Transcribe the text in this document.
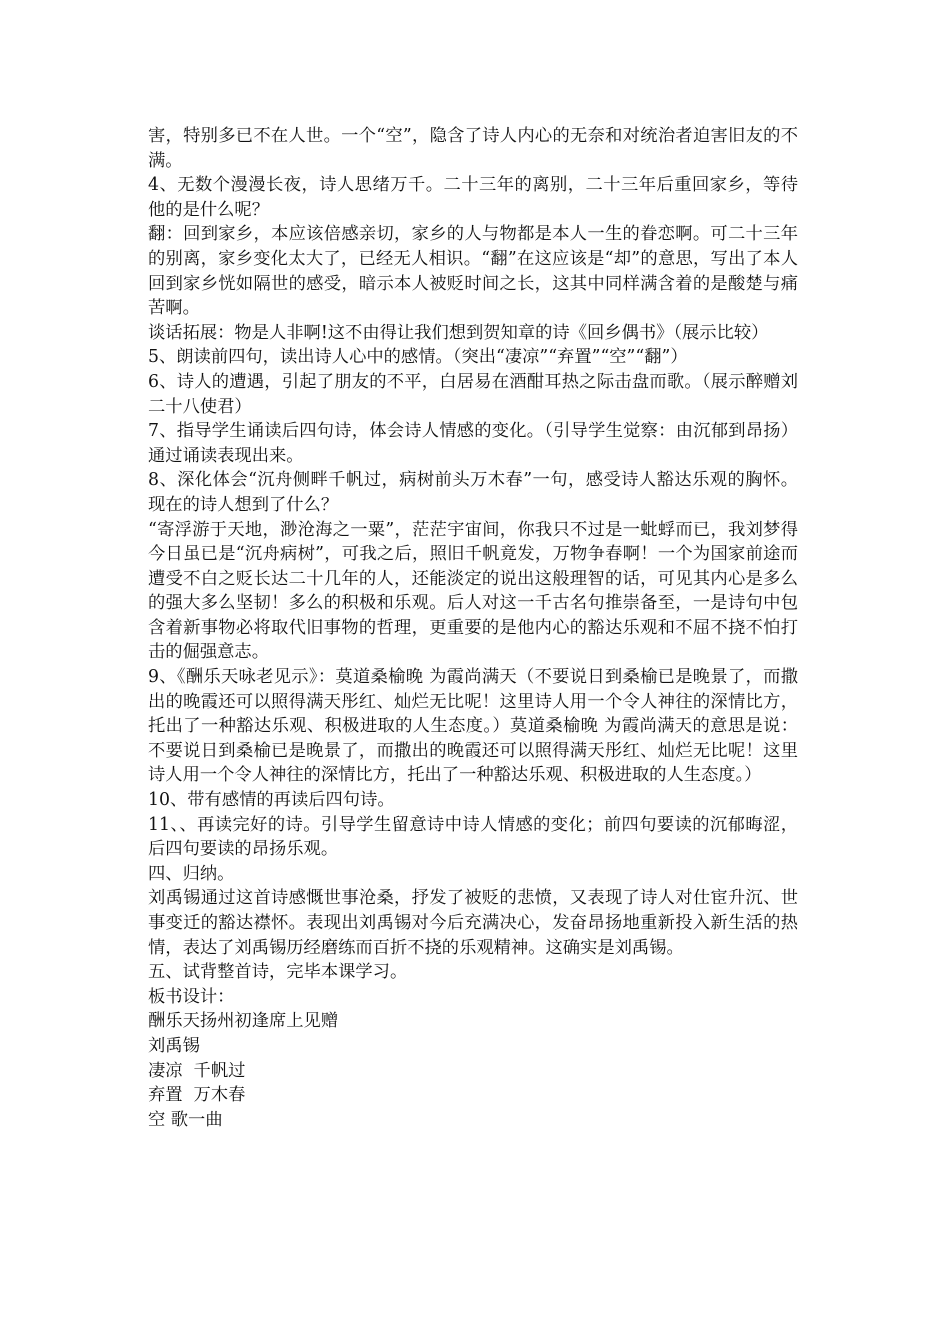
害，特别多已不在人世。一个“空”，隐含了诗人内心的无奈和对统治者迫害旧友的不满。

4、无数个漫漫长夜，诗人思绪万千。二十三年的离别，二十三年后重回家乡，等待他的是什么呢？

翻：回到家乡，本应该倍感亲切，家乡的人与物都是本人一生的眷恋啊。可二十三年的别离，家乡变化太大了，已经无人相识。“翻”在这应该是“却”的意思，写出了本人回到家乡恍如隔世的感受，暗示本人被贬时间之长，这其中同样满含着的是酸楚与痛苦啊。

谈话拓展：物是人非啊!这不由得让我们想到贺知章的诗《回乡偶书》（展示比较）

5、朗读前四句，读出诗人心中的感情。（突出“凄凉”“弃置”“空”“翻”）

6、诗人的遭遇，引起了朋友的不平，白居易在酒酣耳热之际击盘而歌。（展示醉赠刘二十八使君）

7、指导学生诵读后四句诗，体会诗人情感的变化。（引导学生觉察：由沉郁到昂扬）通过诵读表现出来。

8、深化体会“沉舟侧畔千帆过，病树前头万木春”一句，感受诗人豁达乐观的胸怀。现在的诗人想到了什么？

“寄浮游于天地，渺沧海之一粟”，茫茫宇宙间，你我只不过是一蚍蜉而已，我刘梦得今日虽已是“沉舟病树”，可我之后，照旧千帆竟发，万物争春啊！一个为国家前途而遭受不白之贬长达二十几年的人，还能淡定的说出这般理智的话，可见其内心是多么的强大多么坚韧！多么的积极和乐观。后人对这一千古名句推崇备至，一是诗句中包含着新事物必将取代旧事物的哲理，更重要的是他内心的豁达乐观和不屈不挠不怕打击的倔强意志。

9、《酬乐天咏老见示》：莫道桑榆晚 为霞尚满天（不要说日到桑榆已是晚景了，而撒出的晚霞还可以照得满天彤红、灿烂无比呢！这里诗人用一个令人神往的深情比方，托出了一种豁达乐观、积极进取的人生态度。）莫道桑榆晚 为霞尚满天的意思是说：不要说日到桑榆已是晚景了，而撒出的晚霞还可以照得满天彤红、灿烂无比呢！这里诗人用一个令人神往的深情比方，托出了一种豁达乐观、积极进取的人生态度。）

10、带有感情的再读后四句诗。

11、、再读完好的诗。引导学生留意诗中诗人情感的变化；前四句要读的沉郁晦涩，后四句要读的昂扬乐观。

四、归纳。

刘禹锡通过这首诗感慨世事沧桑，抒发了被贬的悲愤，又表现了诗人对仕宦升沉、世事变迁的豁达襟怀。表现出刘禹锡对今后充满决心，发奋昂扬地重新投入新生活的热情，表达了刘禹锡历经磨练而百折不挠的乐观精神。这确实是刘禹锡。

五、试背整首诗，完毕本课学习。

板书设计：

酬乐天扬州初逢席上见赠

刘禹锡

凄凉  千帆过

弃置  万木春

空 歌一曲
